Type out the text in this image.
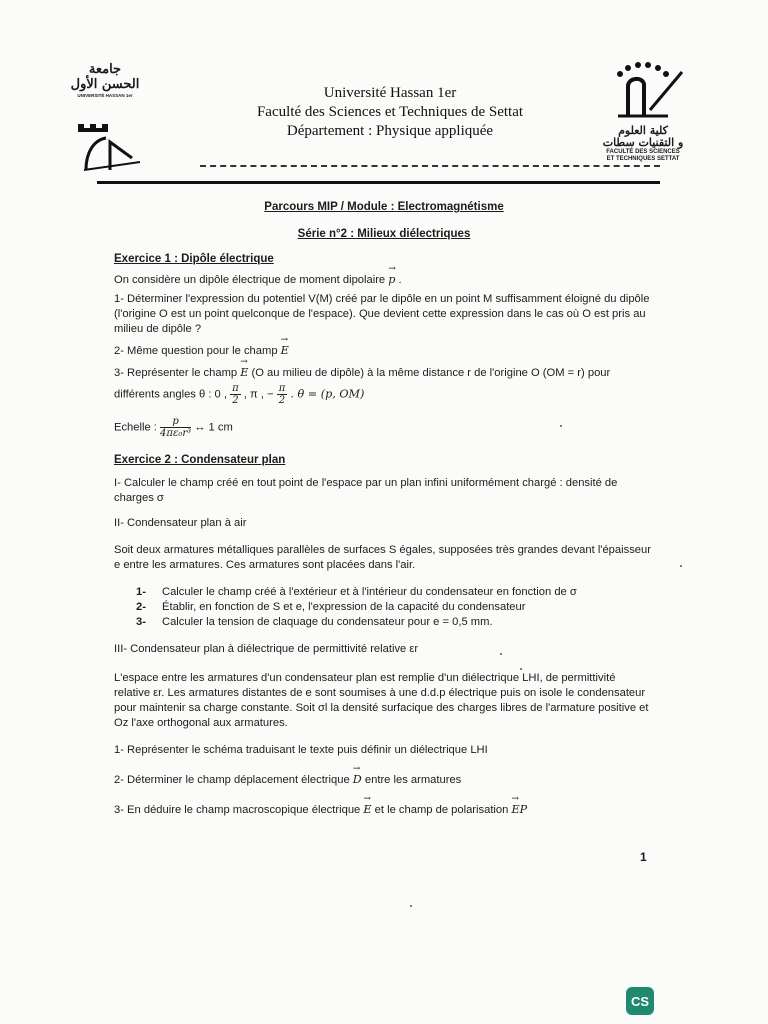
جامعة الحسن الأول
UNIVERSITÉ HASSAN 1er	Université Hassan 1er
Faculté des Sciences et Techniques de Settat
Département : Physique appliquée	كلية العلوم
و التقنيات سطات
FACULTÉ DES SCIENCES
ET TECHNIQUES SETTAT

Parcours MIP / Module : Electromagnétisme

Série n°2 : Milieux diélectriques

Exercice 1 : Dipôle électrique

On considère un dipôle électrique de moment dipolaire → p .

1- Déterminer l'expression du potentiel V(M) créé par le dipôle en un point M suffisamment éloigné du dipôle (l'origine O est un point quelconque de l'espace). Que devient cette expression dans le cas où O est pris au milieu de dipôle ?

2- Même question pour le champ → E

3- Représenter le champ → E (O au milieu de dipôle) à la même distance r de l'origine O (OM = r) pour

différents angles θ : 0 , $\frac{\pi}{2}$ , π , − $\frac{\pi}{2}$ . θ = (p, OM)

Echelle : $\frac{p}{\text{4πε₀r³}}$ ↔ 1 cm

Exercice 2 : Condensateur plan

I- Calculer le champ créé en tout point de l'espace par un plan infini uniformément chargé : densité de charges σ

II- Condensateur plan à air

Soit deux armatures métalliques parallèles de surfaces S égales, supposées très grandes devant l'épaisseur e entre les armatures. Ces armatures sont placées dans l'air.

1-	Calculer le champ créé à l'extérieur et à l'intérieur du condensateur en fonction de σ
2-	Établir, en fonction de S et e, l'expression de la capacité du condensateur
3-	Calculer la tension de claquage du condensateur pour e = 0,5 mm.

III- Condensateur plan à diélectrique de permittivité relative εr

L'espace entre les armatures d'un condensateur plan est remplie d'un diélectrique LHI, de permittivité relative εr. Les armatures distantes de e sont soumises à une d.d.p électrique puis on isole le condensateur pour maintenir sa charge constante. Soit σl la densité surfacique des charges libres de l'armature positive et Oz l'axe orthogonal aux armatures.

1- Représenter le schéma traduisant le texte puis définir un diélectrique LHI

2- Déterminer le champ déplacement électrique → D entre les armatures

3- En déduire le champ macroscopique électrique → E et le champ de polarisation → EP

1
CS
